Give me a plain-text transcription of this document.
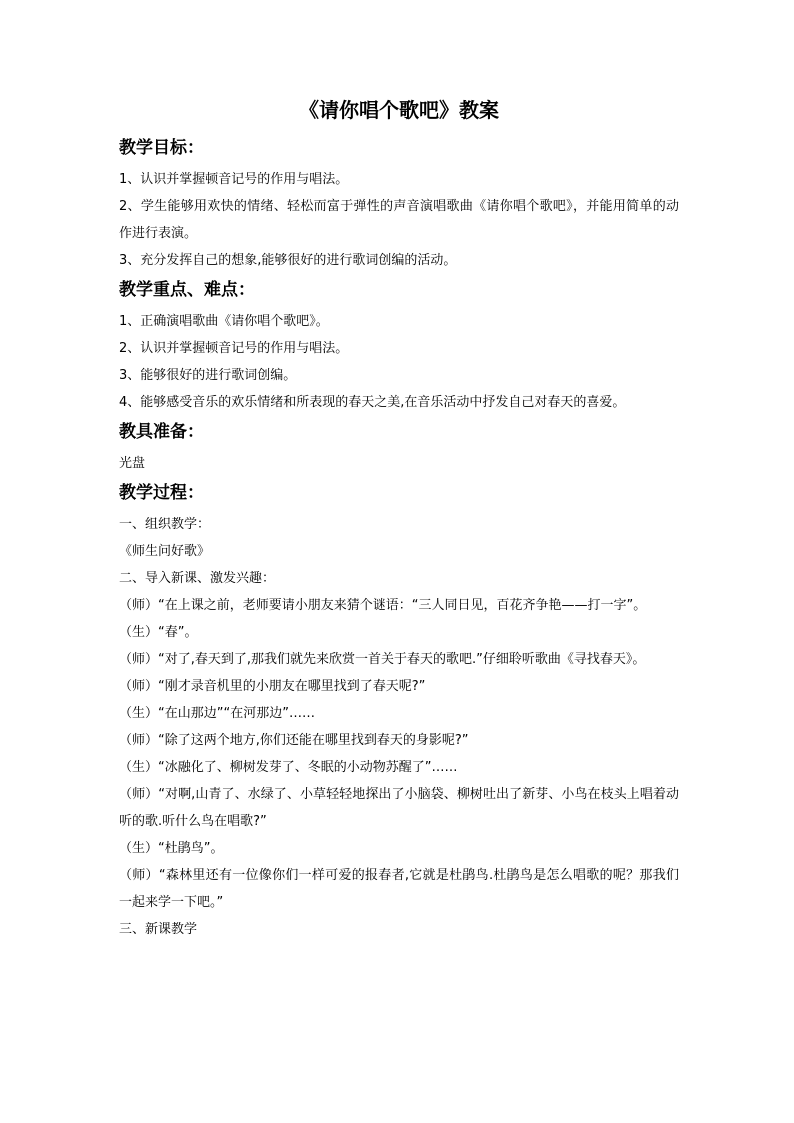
《请你唱个歌吧》教案
教学目标：

1、认识并掌握顿音记号的作用与唱法。

2、学生能够用欢快的情绪、轻松而富于弹性的声音演唱歌曲《请你唱个歌吧》，并能用简单的动作进行表演。

3、充分发挥自己的想象,能够很好的进行歌词创编的活动。

教学重点、难点：

1、正确演唱歌曲《请你唱个歌吧》。

2、认识并掌握顿音记号的作用与唱法。

3、能够很好的进行歌词创编。

4、能够感受音乐的欢乐情绪和所表现的春天之美,在音乐活动中抒发自己对春天的喜爱。

教具准备：

光盘

教学过程：

一、组织教学：

《师生问好歌》

二、导入新课、激发兴趣：

（师）“在上课之前，老师要请小朋友来猜个谜语：“三人同日见，百花齐争艳——打一字”。

（生）“春”。

（师）“对了,春天到了,那我们就先来欣赏一首关于春天的歌吧.”仔细聆听歌曲《寻找春天》。

（师）“刚才录音机里的小朋友在哪里找到了春天呢?”

（生）“在山那边”“在河那边”……

（师）“除了这两个地方,你们还能在哪里找到春天的身影呢?”

（生）“冰融化了、柳树发芽了、冬眠的小动物苏醒了”……

（师）“对啊,山青了、水绿了、小草轻轻地探出了小脑袋、柳树吐出了新芽、小鸟在枝头上唱着动听的歌.听什么鸟在唱歌?”

（生）“杜鹃鸟”。

（师）“森林里还有一位像你们一样可爱的报春者,它就是杜鹃鸟.杜鹃鸟是怎么唱歌的呢？那我们一起来学一下吧。”

三、新课教学
